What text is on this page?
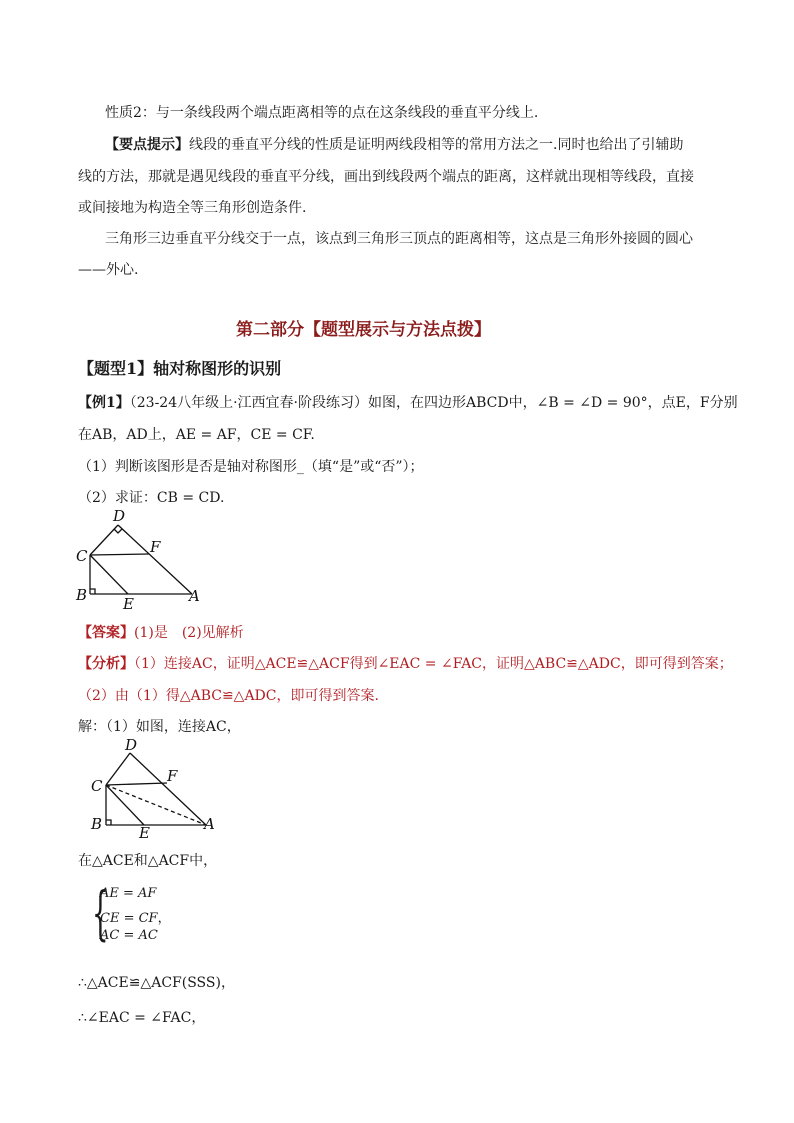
性质2：与一条线段两个端点距离相等的点在这条线段的垂直平分线上.
【要点提示】线段的垂直平分线的性质是证明两线段相等的常用方法之一.同时也给出了引辅助
线的方法，那就是遇见线段的垂直平分线，画出到线段两个端点的距离，这样就出现相等线段，直接
或间接地为构造全等三角形创造条件.
三角形三边垂直平分线交于一点，该点到三角形三顶点的距离相等，这点是三角形外接圆的圆心
——外心.
第二部分【题型展示与方法点拨】
【题型1】轴对称图形的识别
【例1】（23-24八年级上·江西宜春·阶段练习）如图，在四边形ABCD中，∠B = ∠D = 90°，点E，F分别
在AB，AD上，AE = AF，CE = CF.
（1）判断该图形是否是轴对称图形_（填“是”或“否”）；
（2）求证：CB = CD.
D
C	F
B E	A
【答案】(1)是　(2)见解析
【分析】（1）连接AC，证明△ACE≌△ACF得到∠EAC = ∠FAC，证明△ABC≌△ADC，即可得到答案；
（2）由（1）得△ABC≌△ADC，即可得到答案.
解：（1）如图，连接AC，
D
C
F
B E	A
在△ACE和△ACF中，
{
AE = AF
CE = CF，
AC = AC
∴△ACE≌△ACF(SSS)，
∴∠EAC = ∠FAC，
